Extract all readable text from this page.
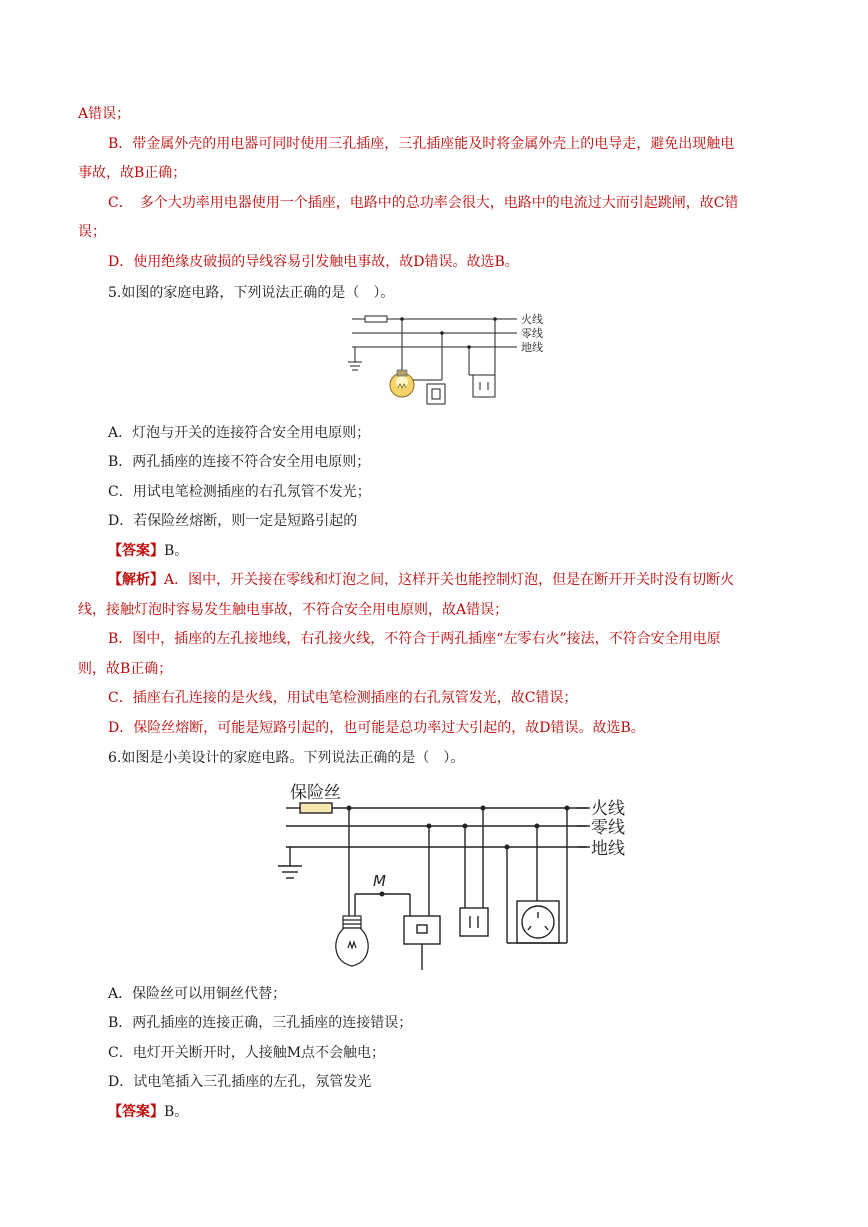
A错误；
B．带金属外壳的用电器可同时使用三孔插座，三孔插座能及时将金属外壳上的电导走，避免出现触电
事故，故B正确；
C．　多个大功率用电器使用一个插座，电路中的总功率会很大，电路中的电流过大而引起跳闸，故C错
误；
D．使用绝缘皮破损的导线容易引发触电事故，故D错误。故选B。
5.如图的家庭电路，下列说法正确的是（　）。
火线
零线
地线
A．灯泡与开关的连接符合安全用电原则；
B．两孔插座的连接不符合安全用电原则；
C．用试电笔检测插座的右孔氖管不发光；
D．若保险丝熔断，则一定是短路引起的
【答案】B。
【解析】A．图中，开关接在零线和灯泡之间，这样开关也能控制灯泡，但是在断开开关时没有切断火
线，接触灯泡时容易发生触电事故，不符合安全用电原则，故A错误；
B．图中，插座的左孔接地线，右孔接火线，不符合于两孔插座“左零右火”接法，不符合安全用电原
则，故B正确；
C．插座右孔连接的是火线，用试电笔检测插座的右孔氖管发光，故C错误；
D．保险丝熔断，可能是短路引起的，也可能是总功率过大引起的，故D错误。故选B。
6.如图是小美设计的家庭电路。下列说法正确的是（　）。
保险丝
火线
零线
地线
M
A．保险丝可以用铜丝代替；
B．两孔插座的连接正确，三孔插座的连接错误；
C．电灯开关断开时，人接触M点不会触电；
D．试电笔插入三孔插座的左孔，氖管发光
【答案】B。
